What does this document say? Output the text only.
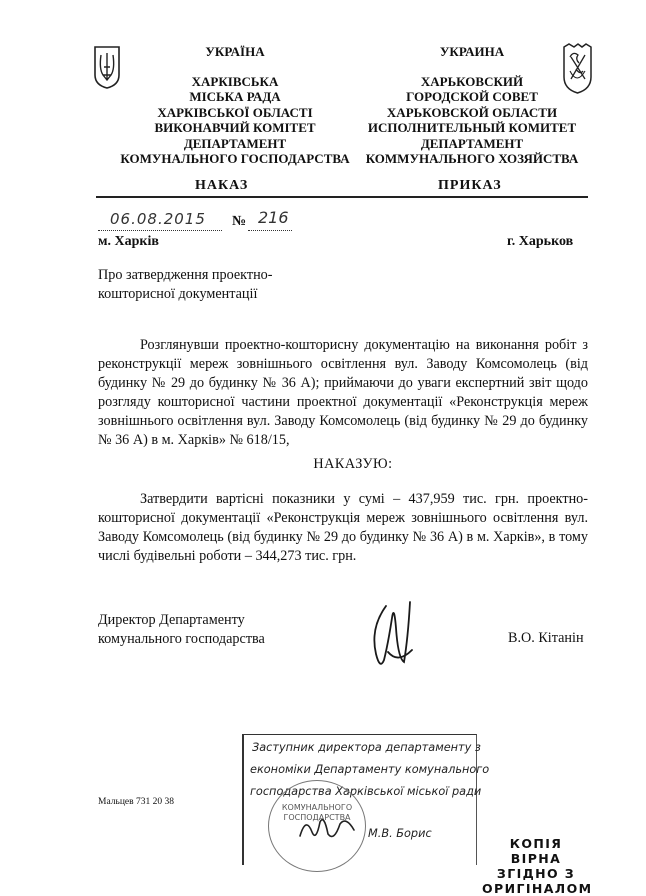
УКРАЇНА
ХАРКІВСЬКА
МІСЬКА РАДА
ХАРКІВСЬКОЇ ОБЛАСТІ
ВИКОНАВЧИЙ КОМІТЕТ
ДЕПАРТАМЕНТ
КОМУНАЛЬНОГО ГОСПОДАРСТВА
УКРАИНА
ХАРЬКОВСКИЙ
ГОРОДСКОЙ СОВЕТ
ХАРЬКОВСКОЙ ОБЛАСТИ
ИСПОЛНИТЕЛЬНЫЙ КОМИТЕТ
ДЕПАРТАМЕНТ
КОММУНАЛЬНОГО ХОЗЯЙСТВА
НАКАЗ	ПРИКАЗ
06.08.2015 № 216
м. Харків	г. Харьков
Про затвердження проектно-
кошторисної документації
Розглянувши проектно-кошторисну документацію на виконання робіт з реконструкції мереж зовнішнього освітлення вул. Заводу Комсомолець (від будинку № 29 до будинку № 36 А); приймаючи до уваги експертний звіт щодо розгляду кошторисної частини проектної документації «Реконструкція мереж зовнішнього освітлення вул. Заводу Комсомолець (від будинку № 29 до будинку № 36 А) в м. Харків» № 618/15,
НАКАЗУЮ:
Затвердити вартісні показники у сумі – 437,959 тис. грн. проектно-кошторисної документації «Реконструкція мереж зовнішнього освітлення вул. Заводу Комсомолець (від будинку № 29 до будинку № 36 А) в м. Харків», в тому числі будівельні роботи – 344,273 тис. грн.
Директор Департаменту
комунального господарства	В.О. Кітанін
Мальцев 731 20 38
Заступник директора департаменту з
економіки Департаменту комунального
господарства Харківської міської ради
М.В. Борис
КОМУНАЛЬНОГО ГОСПОДАРСТВА
КОПІЯ ВІРНА
ЗГІДНО З
ОРИГІНАЛОМ
